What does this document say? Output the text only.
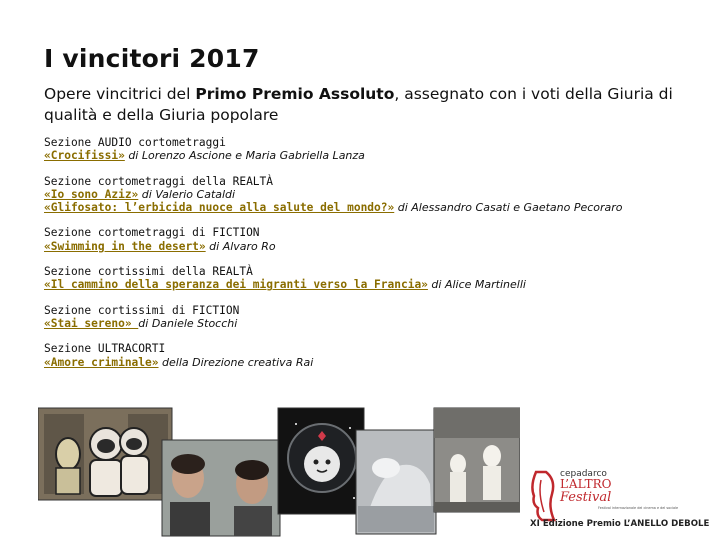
I vincitori 2017
Opere vincitrici del Primo Premio Assoluto, assegnato con i voti della Giuria di qualità e della Giuria popolare
Sezione AUDIO cortometraggi
«Crocifissi» di Lorenzo Ascione e Maria Gabriella Lanza
Sezione cortometraggi della REALTÀ
«Io sono Aziz» di Valerio Cataldi
«Glifosato: l’erbicida nuoce alla salute del mondo?» di Alessandro Casati e Gaetano Pecoraro
Sezione cortometraggi di FICTION
«Swimming in the desert» di Alvaro Ro
Sezione cortissimi della REALTÀ
«Il cammino della speranza dei migranti verso la Francia» di Alice Martinelli
Sezione cortissimi di FICTION
«Stai sereno» di Daniele Stocchi
Sezione ULTRACORTI
«Amore criminale» della Direzione creativa Rai
cepadarco
L’ALTRO
Festival
Festival internazionale del cinema e del sociale
XI Edizione Premio L’ANELLO DEBOLE
